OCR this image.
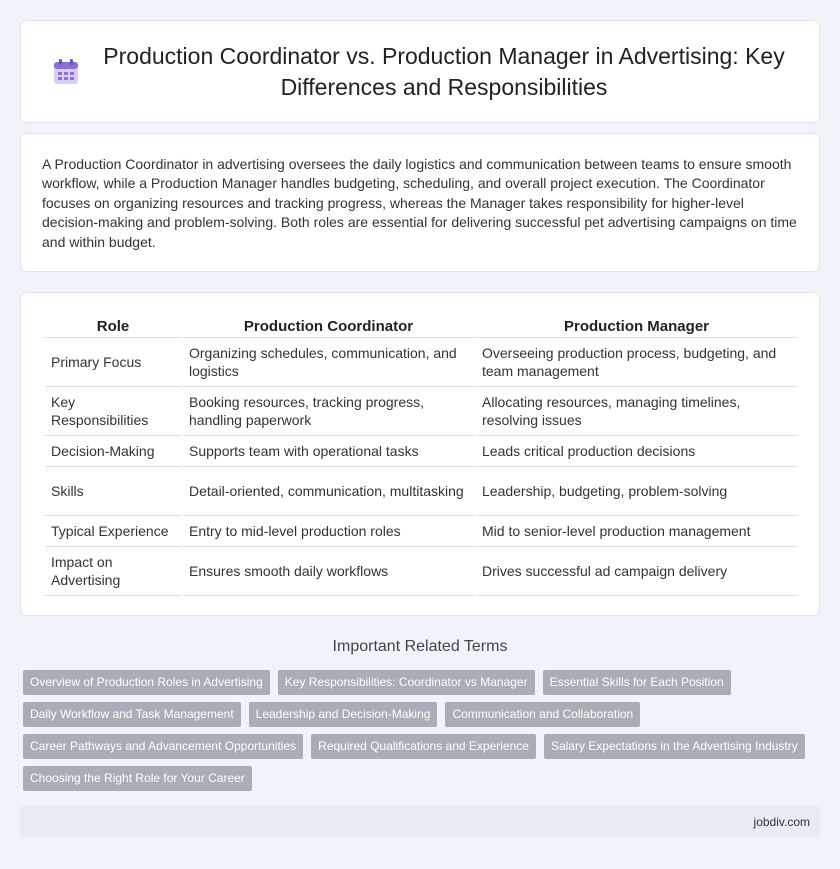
Production Coordinator vs. Production Manager in Advertising: Key Differences and Responsibilities

A Production Coordinator in advertising oversees the daily logistics and communication between teams to ensure smooth workflow, while a Production Manager handles budgeting, scheduling, and overall project execution. The Coordinator focuses on organizing resources and tracking progress, whereas the Manager takes responsibility for higher-level decision-making and problem-solving. Both roles are essential for delivering successful pet advertising campaigns on time and within budget.

Role	Production Coordinator	Production Manager
Primary Focus	Organizing schedules, communication, and logistics	Overseeing production process, budgeting, and team management
Key Responsibilities	Booking resources, tracking progress, handling paperwork	Allocating resources, managing timelines, resolving issues
Decision-Making	Supports team with operational tasks	Leads critical production decisions
Skills	Detail-oriented, communication, multitasking	Leadership, budgeting, problem-solving
Typical Experience	Entry to mid-level production roles	Mid to senior-level production management
Impact on Advertising	Ensures smooth daily workflows	Drives successful ad campaign delivery
Important Related Terms
Overview of Production Roles in Advertising	Key Responsibilities: Coordinator vs Manager	Essential Skills for Each Position
Daily Workflow and Task Management	Leadership and Decision-Making	Communication and Collaboration
Career Pathways and Advancement Opportunities	Required Qualifications and Experience	Salary Expectations in the Advertising Industry
Choosing the Right Role for Your Career
jobdiv.com
